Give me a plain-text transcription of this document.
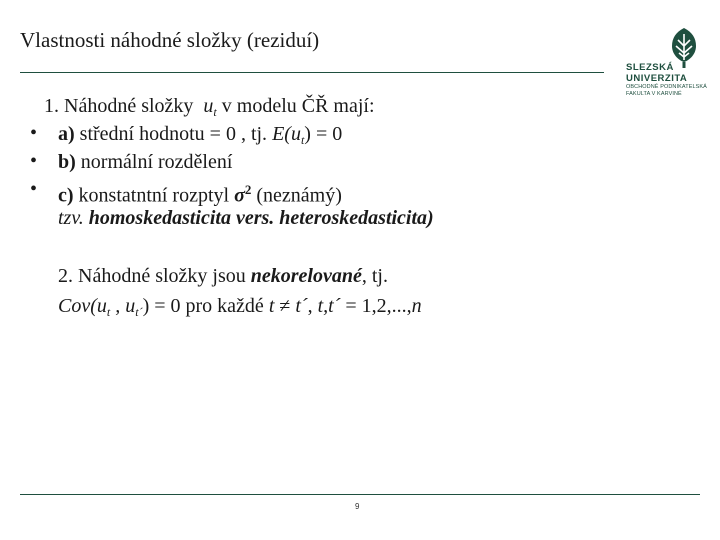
Vlastnosti náhodné složky (reziduí)
SLEZSKÁ
UNIVERZITA
OBCHODNĚ PODNIKATELSKÁ
FAKULTA V KARVINÉ
1. Náhodné složky $u_t$ v modelu ČŘ mají:
• a) střední hodnotu = 0 , tj. $E(u_t) = 0$
• b) normální rozdělení
• c) konstatntní rozptyl $\sigma^2$ (neznámý)
tzv. homoskedasticita vers. heteroskedasticita)
2. Náhodné složky jsou nekorelované, tj.
$Cov(u_t$ , $u_{t´}) = 0$ pro každé t ≠ t´, t,t´ = 1,2,...,n
9
